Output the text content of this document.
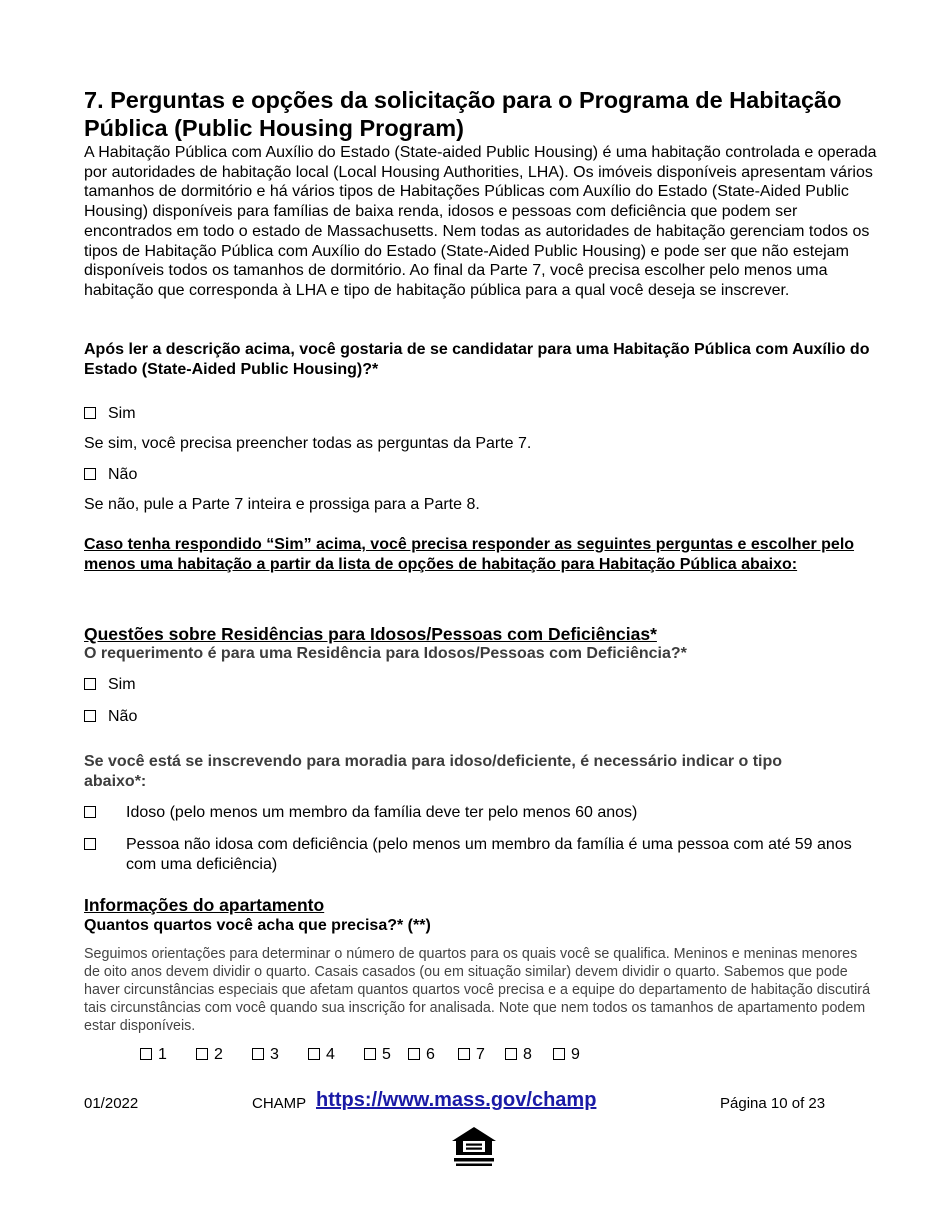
7. Perguntas e opções da solicitação para o Programa de Habitação Pública (Public Housing Program)
A Habitação Pública com Auxílio do Estado (State-aided Public Housing) é uma habitação controlada e operada por autoridades de habitação local (Local Housing Authorities, LHA). Os imóveis disponíveis apresentam vários tamanhos de dormitório e há vários tipos de Habitações Públicas com Auxílio do Estado (State-Aided Public Housing) disponíveis para famílias de baixa renda, idosos e pessoas com deficiência que podem ser encontrados em todo o estado de Massachusetts. Nem todas as autoridades de habitação gerenciam todos os tipos de Habitação Pública com Auxílio do Estado (State-Aided Public Housing) e pode ser que não estejam disponíveis todos os tamanhos de dormitório. Ao final da Parte 7, você precisa escolher pelo menos uma habitação que corresponda à LHA e tipo de habitação pública para a qual você deseja se inscrever.
Após ler a descrição acima, você gostaria de se candidatar para uma Habitação Pública com Auxílio do Estado (State-Aided Public Housing)?*
Sim
Se sim, você precisa preencher todas as perguntas da Parte 7.
Não
Se não, pule a Parte 7 inteira e prossiga para a Parte 8.
Caso tenha respondido “Sim” acima, você precisa responder as seguintes perguntas e escolher pelo menos uma habitação a partir da lista de opções de habitação para Habitação Pública abaixo:
Questões sobre Residências para Idosos/Pessoas com Deficiências*
O requerimento é para uma Residência para Idosos/Pessoas com Deficiência?*
Sim
Não
Se você está se inscrevendo para moradia para idoso/deficiente, é necessário indicar o tipo abaixo*:
Idoso (pelo menos um membro da família deve ter pelo menos 60 anos)
Pessoa não idosa com deficiência (pelo menos um membro da família é uma pessoa com até 59 anos com uma deficiência)
Informações do apartamento
Quantos quartos você acha que precisa?* (**)
Seguimos orientações para determinar o número de quartos para os quais você se qualifica. Meninos e meninas menores de oito anos devem dividir o quarto. Casais casados (ou em situação similar) devem dividir o quarto. Sabemos que pode haver circunstâncias especiais que afetam quantos quartos você precisa e a equipe do departamento de habitação discutirá tais circunstâncias com você quando sua inscrição for analisada. Note que nem todos os tamanhos de apartamento podem estar disponíveis.
1	2	3	4	5	6	7	8	9
01/2022	CHAMP https://www.mass.gov/champ	Página 10 of 23
